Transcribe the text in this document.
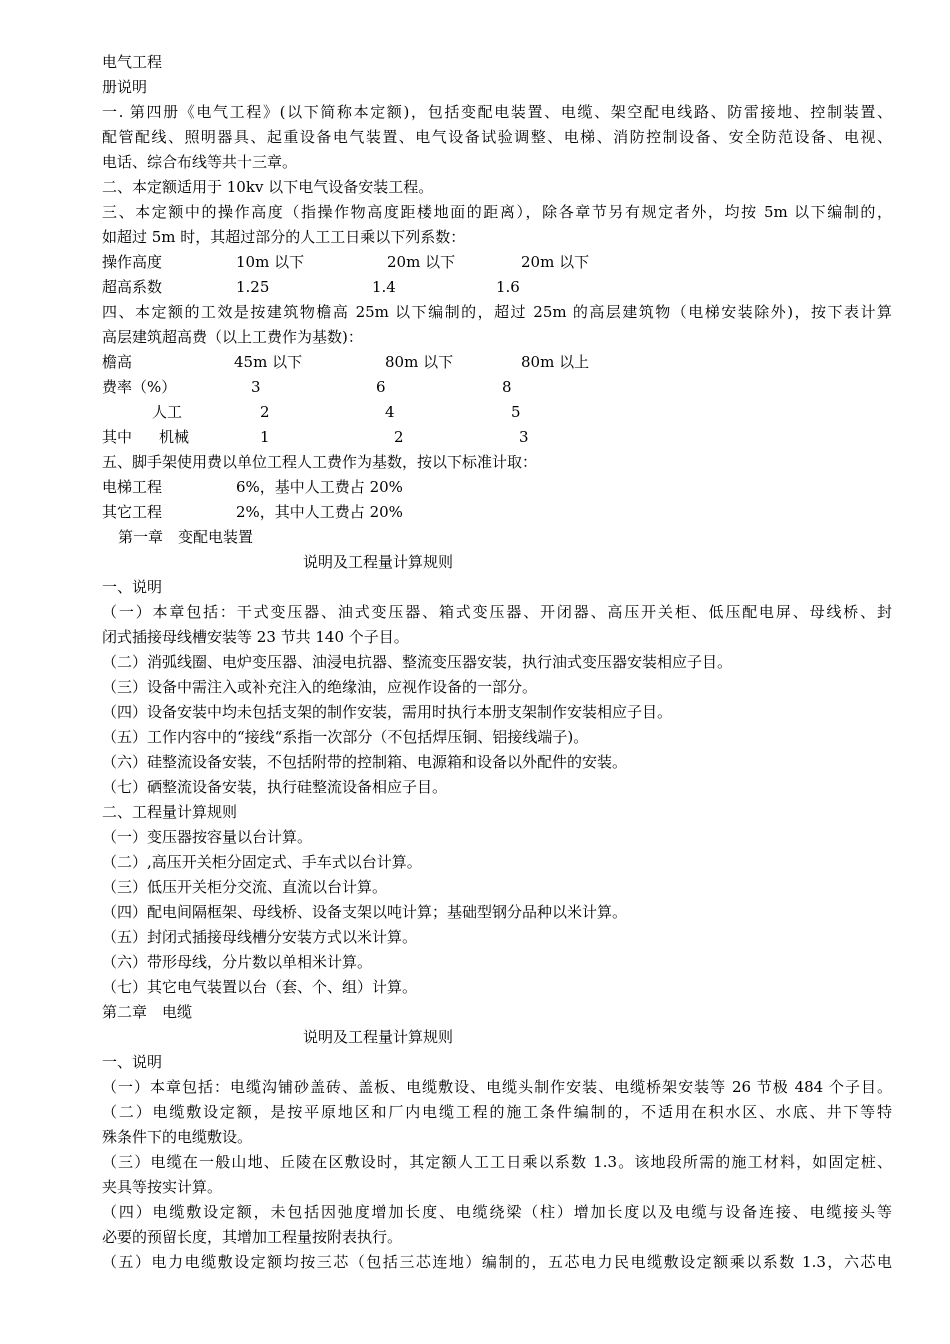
电气工程
册说明
一. 第四册《电气工程》(以下简称本定额)，包括变配电装置、电缆、架空配电线路、防雷接地、控制装置、
配管配线、照明器具、起重设备电气装置、电气设备试验调整、电梯、消防控制设备、安全防范设备、电视、
电话、综合布线等共十三章。
二、本定额适用于 10kv 以下电气设备安装工程。
三、本定额中的操作高度（指操作物高度距楼地面的距离），除各章节另有规定者外，均按 5m 以下编制的，
如超过 5m 时，其超过部分的人工工日乘以下列系数：
操作高度	10m 以下	20m 以下	20m 以下
超高系数	1.25	1.4	1.6
四、本定额的工效是按建筑物檐高 25m 以下编制的，超过 25m 的高层建筑物（电梯安装除外)，按下表计算
高层建筑超高费（以上工费作为基数)：
檐高	45m 以下	80m 以下	80m 以上
费率（%）	3	6	8
人工	2	4	5
其中 机械	1	2	3
五、脚手架使用费以单位工程人工费作为基数，按以下标准计取：
电梯工程	6%，基中人工费占 20%
其它工程	2%，其中人工费占 20%
第一章　变配电装置
说明及工程量计算规则
一、说明
（一）本章包括：干式变压器、油式变压器、箱式变压器、开闭器、高压开关柜、低压配电屏、母线桥、封
闭式插接母线槽安装等 23 节共 140 个子目。
（二）消弧线圈、电炉变压器、油浸电抗器、整流变压器安装，执行油式变压器安装相应子目。
（三）设备中需注入或补充注入的绝缘油，应视作设备的一部分。
（四）设备安装中均未包括支架的制作安装，需用时执行本册支架制作安装相应子目。
（五）工作内容中的“接线“系指一次部分（不包括焊压铜、铝接线端子)。
（六）硅整流设备安装，不包括附带的控制箱、电源箱和设备以外配件的安装。
（七）硒整流设备安装，执行硅整流设备相应子目。
二、工程量计算规则
（一）变压器按容量以台计算。
（二）,高压开关柜分固定式、手车式以台计算。
（三）低压开关柜分交流、直流以台计算。
（四）配电间隔框架、母线桥、设备支架以吨计算；基础型钢分品种以米计算。
（五）封闭式插接母线槽分安装方式以米计算。
（六）带形母线，分片数以单相米计算。
（七）其它电气装置以台（套、个、组）计算。
第二章　电缆
说明及工程量计算规则
一、说明
（一）本章包括：电缆沟铺砂盖砖、盖板、电缆敷设、电缆头制作安装、电缆桥架安装等 26 节极 484 个子目。
（二）电缆敷设定额，是按平原地区和厂内电缆工程的施工条件编制的，不适用在积水区、水底、井下等特
殊条件下的电缆敷设。
（三）电缆在一般山地、丘陵在区敷设时，其定额人工工日乘以系数 1.3。该地段所需的施工材料，如固定桩、
夹具等按实计算。
（四）电缆敷设定额，未包括因弛度增加长度、电缆绕梁（柱）增加长度以及电缆与设备连接、电缆接头等
必要的预留长度，其增加工程量按附表执行。
（五）电力电缆敷设定额均按三芯（包括三芯连地）编制的，五芯电力民电缆敷设定额乘以系数 1.3，六芯电
